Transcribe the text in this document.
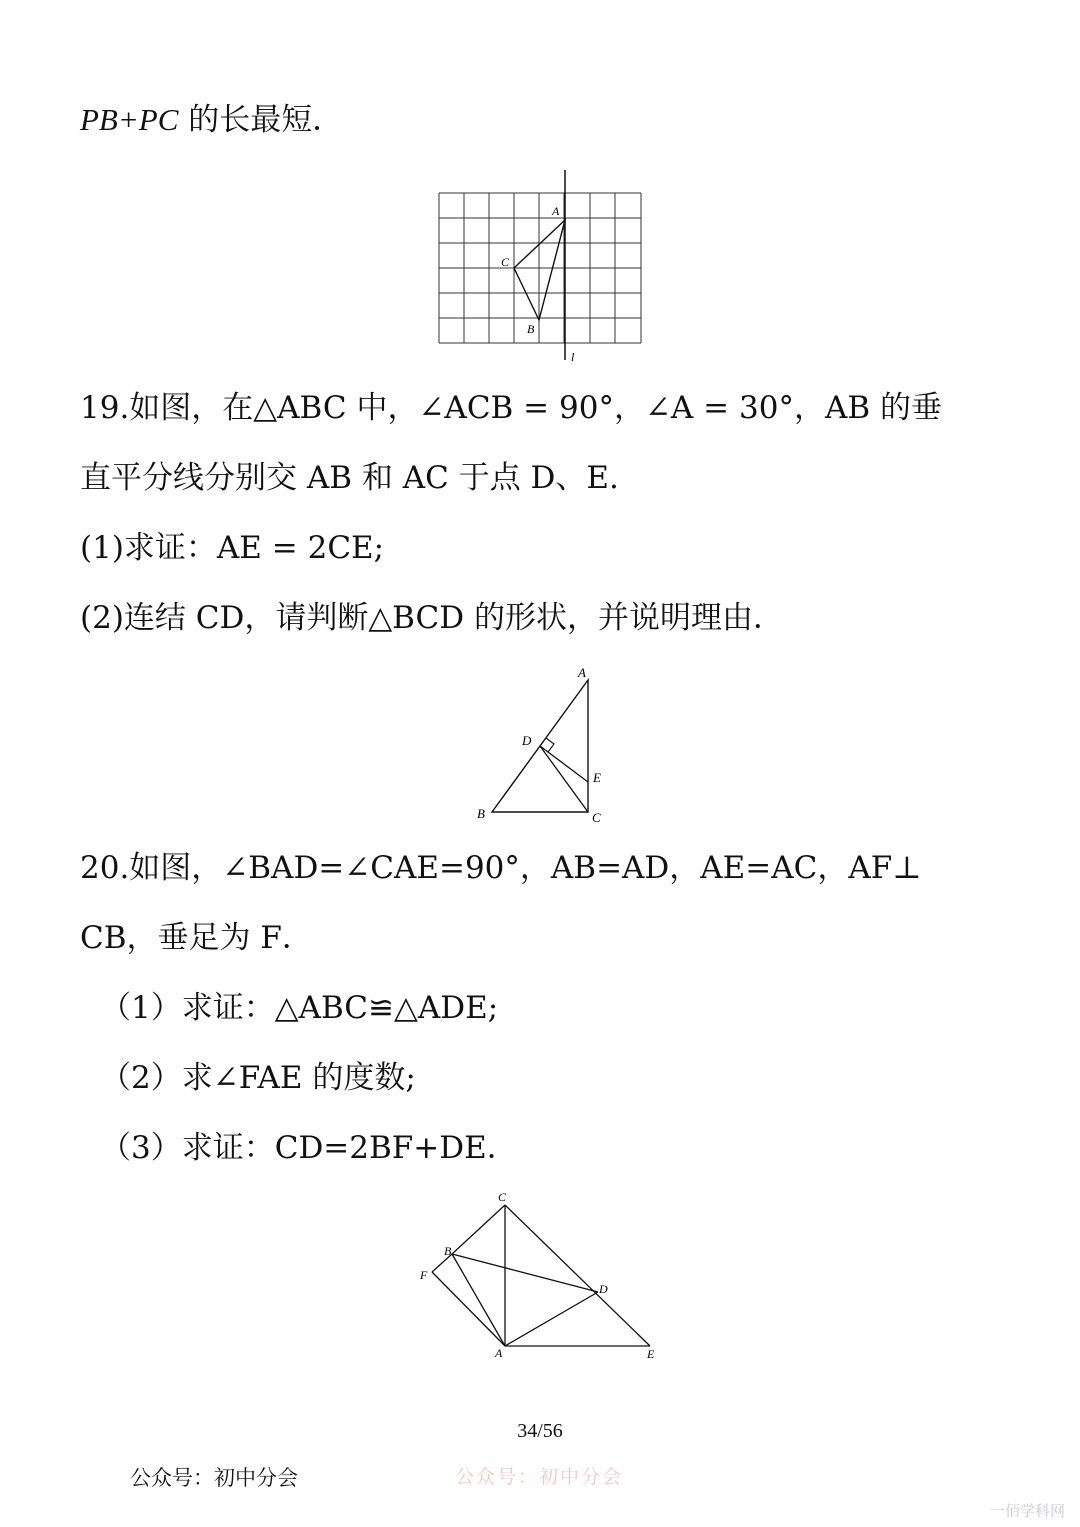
PB+PC 的长最短．
A
C
B
l
19.如图，在△ABC 中，∠ACB = 90°，∠A = 30°，AB 的垂
直平分线分别交 AB 和 AC 于点 D、E.
(1)求证：AE = 2CE;
(2)连结 CD，请判断△BCD 的形状，并说明理由．
A
D
E
B	C
20.如图，∠BAD=∠CAE=90°，AB=AD，AE=AC，AF⊥
CB，垂足为 F．
（1）求证：△ABC≌△ADE;
（2）求∠FAE 的度数;
（3）求证：CD=2BF+DE．
C
B
F
D
A	E
34/56
公众号：初中分会	公众号：初中分会
一佰学科网
